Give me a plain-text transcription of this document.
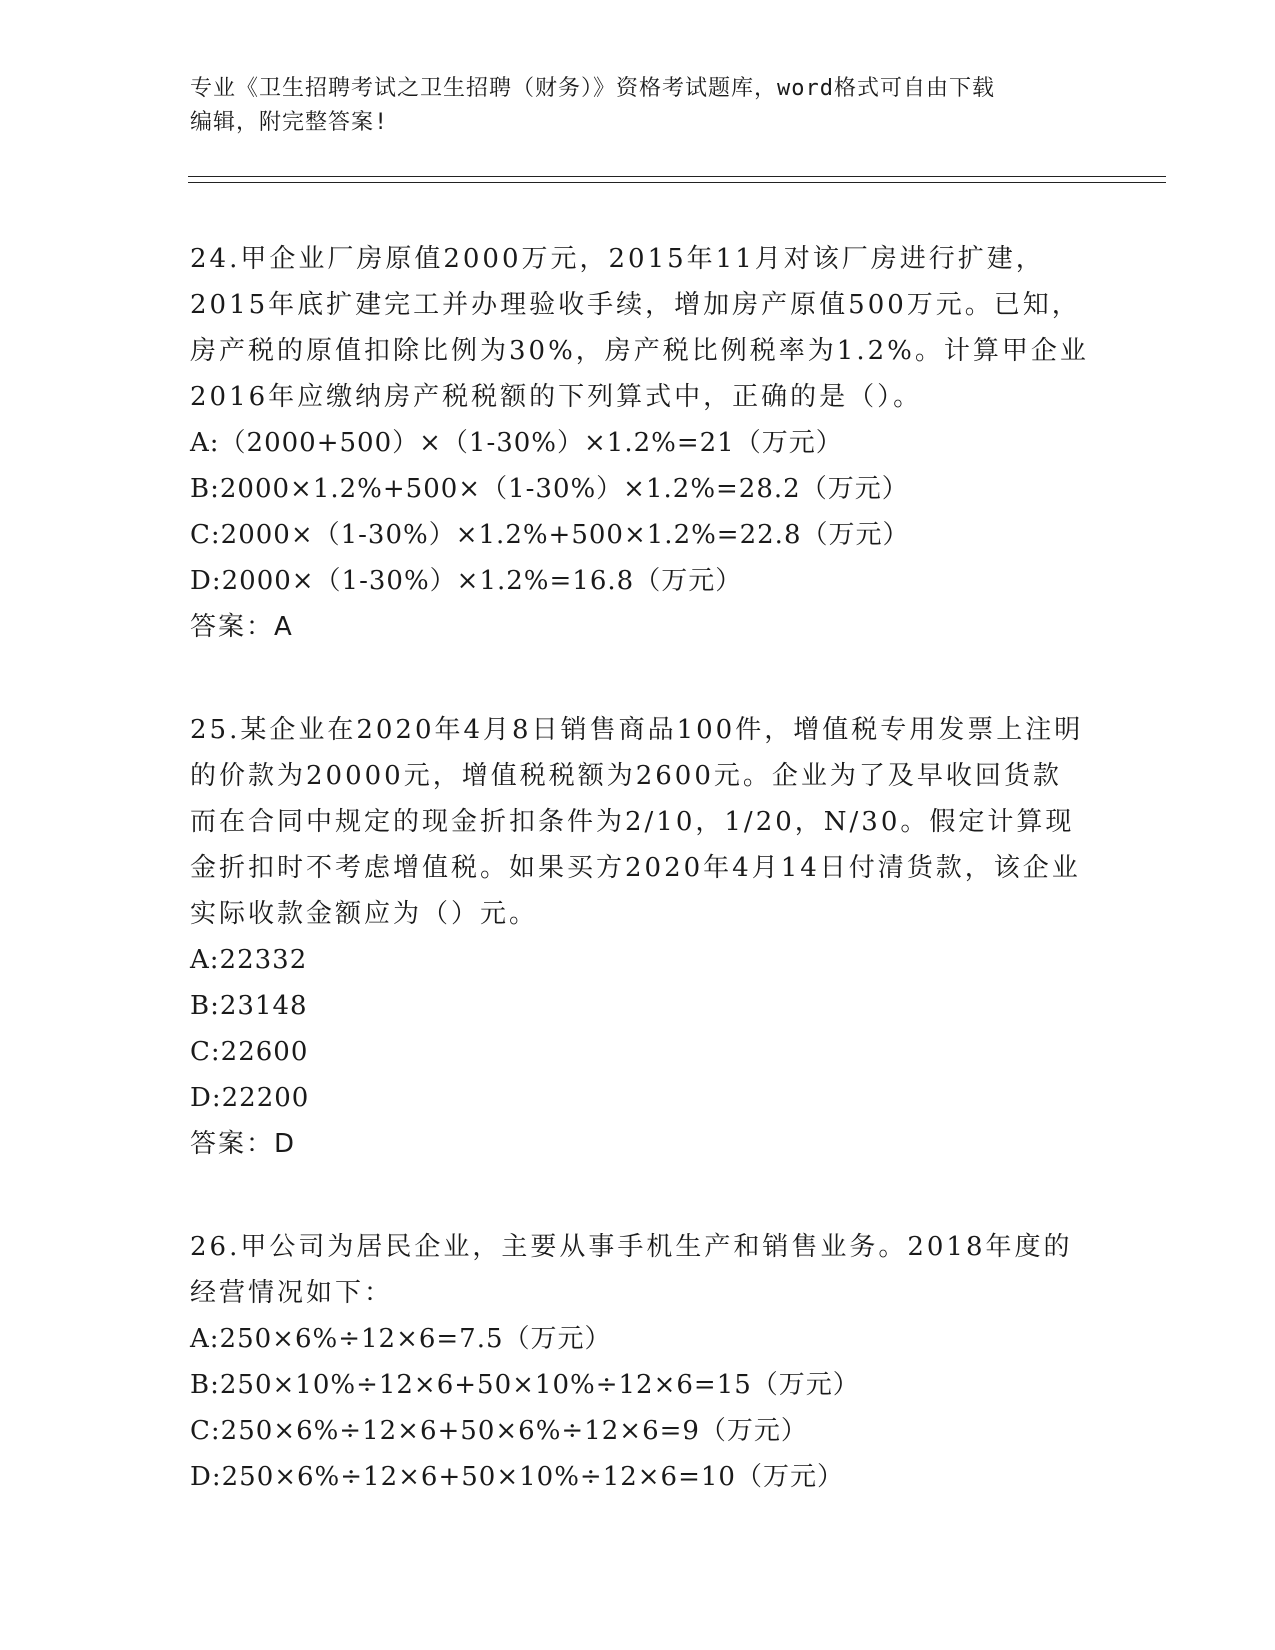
专业《卫生招聘考试之卫生招聘（财务）》资格考试题库，word格式可自由下载
编辑，附完整答案!

24.甲企业厂房原值2000万元，2015年11月对该厂房进行扩建，2015年底扩建完工并办理验收手续，增加房产原值500万元。已知，房产税的原值扣除比例为30%，房产税比例税率为1.2%。计算甲企业2016年应缴纳房产税税额的下列算式中，正确的是（）。

A:（2000+500）×（1-30%）×1.2%=21（万元）

B:2000×1.2%+500×（1-30%）×1.2%=28.2（万元）

C:2000×（1-30%）×1.2%+500×1.2%=22.8（万元）

D:2000×（1-30%）×1.2%=16.8（万元）

答案：A

25.某企业在2020年4月8日销售商品100件，增值税专用发票上注明的价款为20000元，增值税税额为2600元。企业为了及早收回货款而在合同中规定的现金折扣条件为2/10，1/20，N/30。假定计算现金折扣时不考虑增值税。如果买方2020年4月14日付清货款，该企业实际收款金额应为（）元。

A:22332

B:23148

C:22600

D:22200

答案：D

26.甲公司为居民企业，主要从事手机生产和销售业务。2018年度的经营情况如下：

A:250×6%÷12×6=7.5（万元）

B:250×10%÷12×6+50×10%÷12×6=15（万元）

C:250×6%÷12×6+50×6%÷12×6=9（万元）

D:250×6%÷12×6+50×10%÷12×6=10（万元）
